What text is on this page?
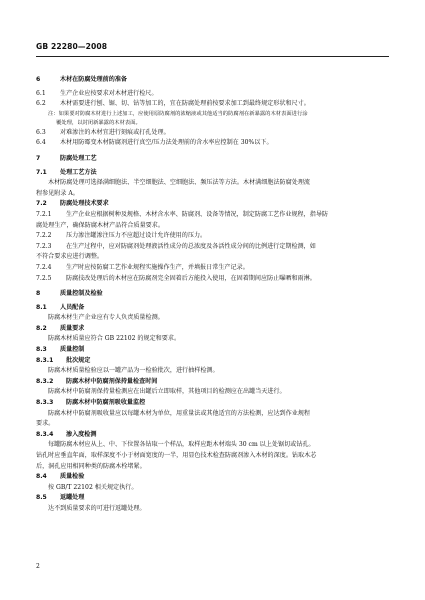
GB 22280—2008
6	木材在防腐处理前的准备
6.1 生产企业应按要求对木材进行检尺。
6.2 木材需要进行刨、锯、切、钻等加工的，宜在防腐处理前按要求加工到最终规定形状和尺寸。
注：如果要对防腐木材进行上述加工，应使用原防腐剂的浓缩液或其他适当的防腐剂在新暴露的木材表面进行涂
覆处理，以封闭新暴露的木材表面。
6.3 对难渗注的木材宜进行刻痕或打孔处理。
6.4 木材用防霉变木材防腐剂进行真空/压力法处理前的含水率应控制在 30%以下。
7	防腐处理工艺
7.1 处理工艺方法
木材防腐处理可选择满细胞法、半空细胞法、空细胞法、频压法等方法。木材满细胞法防腐处理流
程参见附录 A。
7.2 防腐处理技术要求
7.2.1 生产企业应根据树种及规格、木材含水率、防腐剂、设备等情况，制定防腐工艺作业规程，指导防
腐处理生产，确保防腐木材产品符合质量要求。
7.2.2 压力渗注罐渗注压力不应超过设计允许使用的压力。
7.2.3 在生产过程中，应对防腐剂处理液活性成分的总浓度及各活性成分间的比例进行定期检测，如
不符合要求应进行调整。
7.2.4 生产时应按防腐工艺作业规程实施操作生产，并填报日常生产记录。
7.2.5 防腐技改处理后的木材应在防腐剂完全固着后方能投入使用，在固着期间应防止曝晒和雨淋。
8	质量控制及检验
8.1 人员配备
防腐木材生产企业应有专人负责质量检测。
8.2 质量要求
防腐木材质量应符合 GB 22102 的规定和要求。
8.3 质量控制
8.3.1 批次规定
防腐木材质量检验应以一罐产品为一检验批次，进行抽样检测。
8.3.2 防腐木材中防腐剂保持量检查时间
防腐木材中防腐剂保持量检测应在出罐后立即取样，其他项目的检测应在出罐当天进行。
8.3.3 防腐木材中防腐剂吸收量监控
防腐木材中防腐剂吸收量应以每罐木材为单位，用重量法或其他适宜的方法检测，应达到作业规程
要求。
8.3.4 渗入度检测
每罐防腐木材应从上、中、下位置各钻取一个样品，取样应距木材端头 30 cm 以上处锯切或钻孔。
钻孔时应垂直年面，取样深度不小于材面宽度的一半，用显色技术检查防腐剂渗入木材的深度。钻取木芯
后，洞孔应用相同种类的防腐木栓堵紧。
8.4 质量检验
按 GB/T 22102 相关规定执行。
8.5 返罐处理
达不到质量要求的可进行返罐处理。
2
